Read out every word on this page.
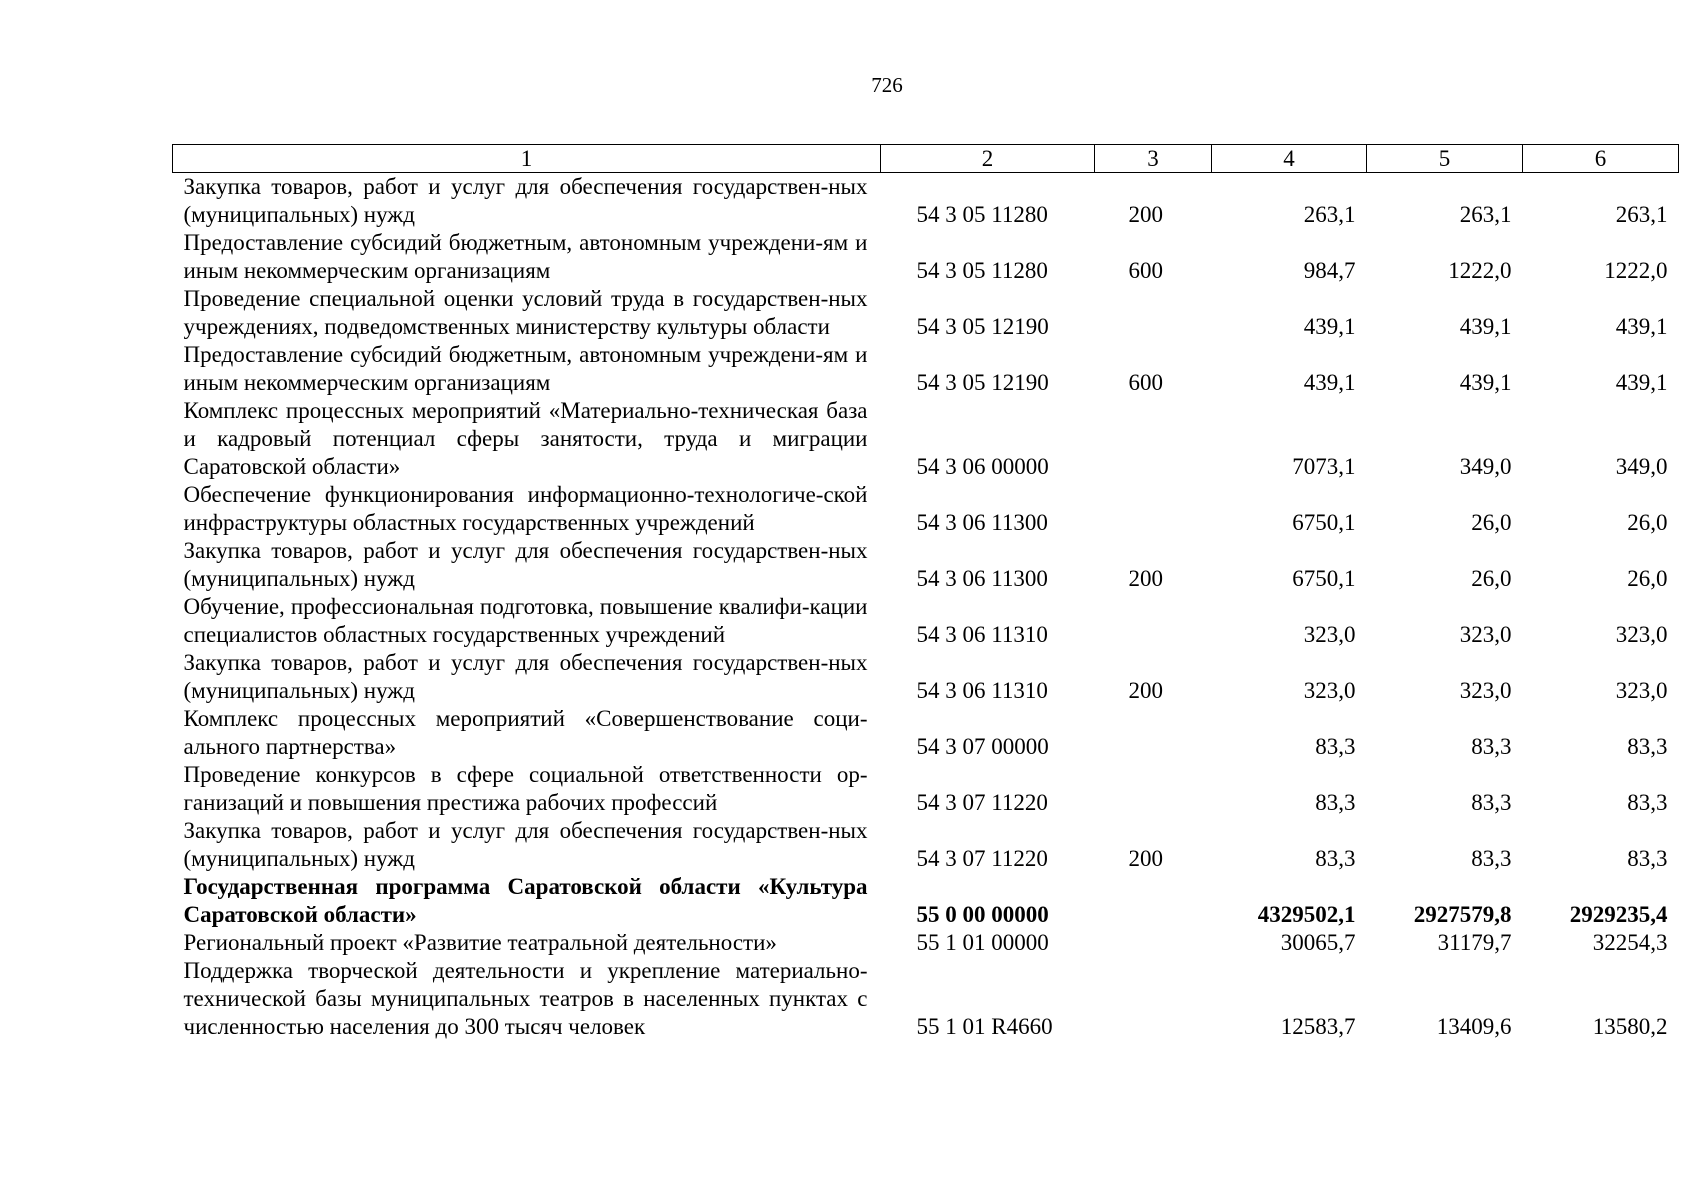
726
1	2	3	4	5	6
Закупка товаров, работ и услуг для обеспечения государствен-ных (муниципальных) нужд	54 3 05 11280	200	263,1	263,1	263,1
Предоставление субсидий бюджетным, автономным учреждени-ям и иным некоммерческим организациям	54 3 05 11280	600	984,7	1222,0	1222,0
Проведение специальной оценки условий труда в государствен-ных учреждениях, подведомственных министерству культуры области	54 3 05 12190		439,1	439,1	439,1
Предоставление субсидий бюджетным, автономным учреждени-ям и иным некоммерческим организациям	54 3 05 12190	600	439,1	439,1	439,1
Комплекс процессных мероприятий «Материально-техническая база и кадровый потенциал сферы занятости, труда и миграции Саратовской области»	54 3 06 00000		7073,1	349,0	349,0
Обеспечение функционирования информационно-технологиче-ской инфраструктуры областных государственных учреждений	54 3 06 11300		6750,1	26,0	26,0
Закупка товаров, работ и услуг для обеспечения государствен-ных (муниципальных) нужд	54 3 06 11300	200	6750,1	26,0	26,0
Обучение, профессиональная подготовка, повышение квалифи-кации специалистов областных государственных учреждений	54 3 06 11310		323,0	323,0	323,0
Закупка товаров, работ и услуг для обеспечения государствен-ных (муниципальных) нужд	54 3 06 11310	200	323,0	323,0	323,0
Комплекс процессных мероприятий «Совершенствование соци-ального партнерства»	54 3 07 00000		83,3	83,3	83,3
Проведение конкурсов в сфере социальной ответственности ор-ганизаций и повышения престижа рабочих профессий	54 3 07 11220		83,3	83,3	83,3
Закупка товаров, работ и услуг для обеспечения государствен-ных (муниципальных) нужд	54 3 07 11220	200	83,3	83,3	83,3
Государственная программа Саратовской области «Культура Саратовской области»	55 0 00 00000		4329502,1	2927579,8	2929235,4
Региональный проект «Развитие театральной деятельности»	55 1 01 00000		30065,7	31179,7	32254,3
Поддержка творческой деятельности и укрепление материально-технической базы муниципальных театров в населенных пунктах с численностью населения до 300 тысяч человек	55 1 01 R4660		12583,7	13409,6	13580,2
